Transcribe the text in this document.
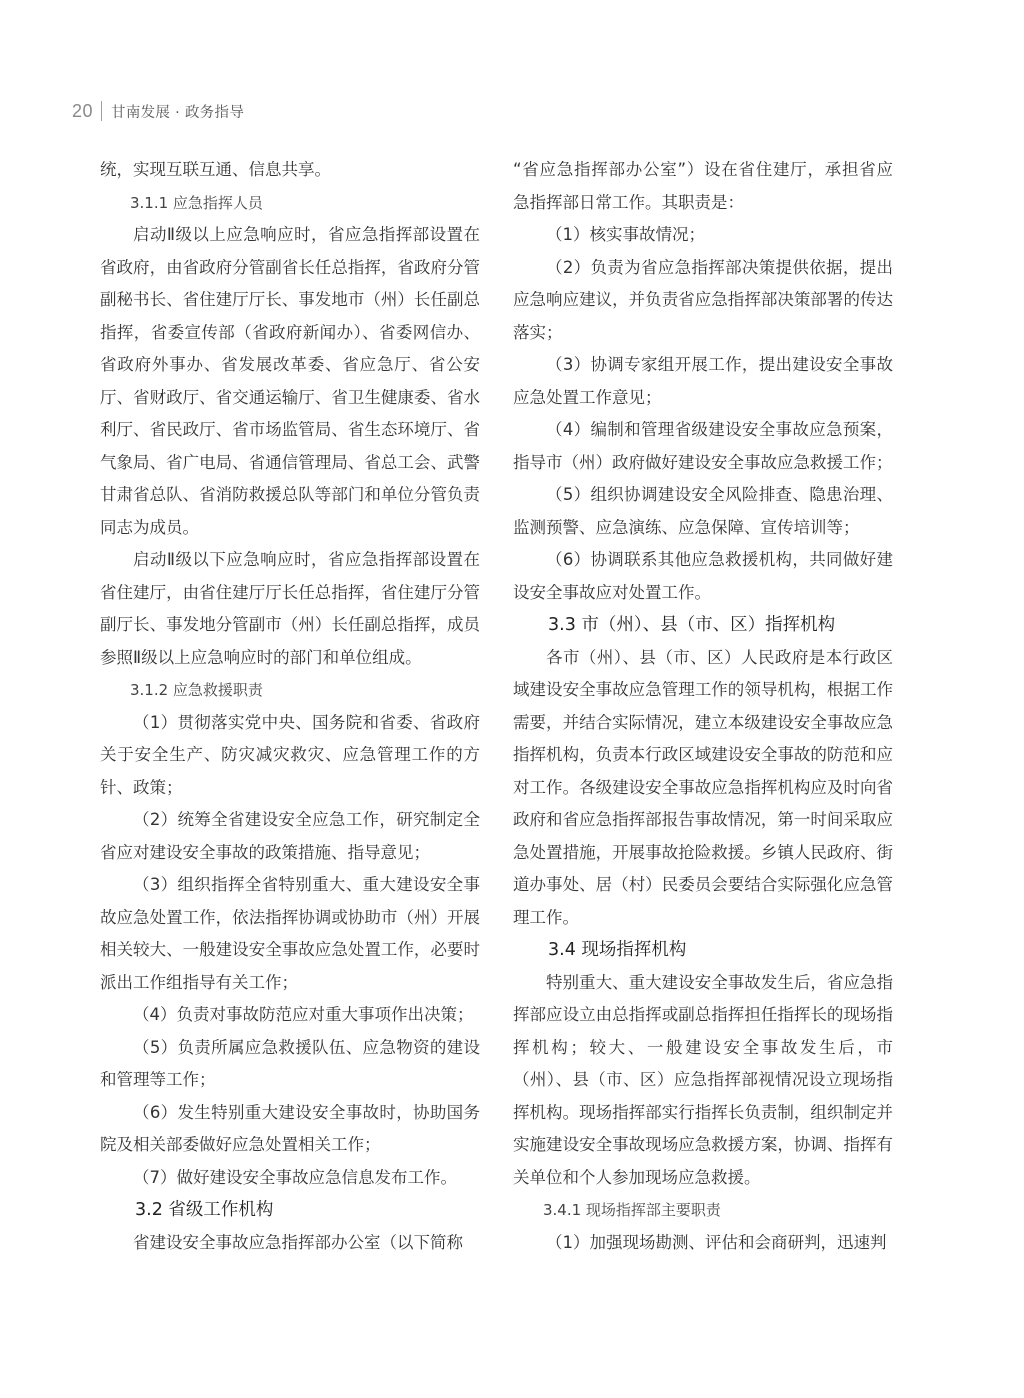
20 甘南发展 · 政务指导

统，实现互联互通、信息共享。

3.1.1 应急指挥人员

启动Ⅱ级以上应急响应时，省应急指挥部设置在省政府，由省政府分管副省长任总指挥，省政府分管副秘书长、省住建厅厅长、事发地市（州）长任副总指挥，省委宣传部（省政府新闻办）、省委网信办、省政府外事办、省发展改革委、省应急厅、省公安厅、省财政厅、省交通运输厅、省卫生健康委、省水利厅、省民政厅、省市场监管局、省生态环境厅、省气象局、省广电局、省通信管理局、省总工会、武警甘肃省总队、省消防救援总队等部门和单位分管负责同志为成员。

启动Ⅱ级以下应急响应时，省应急指挥部设置在省住建厅，由省住建厅厅长任总指挥，省住建厅分管副厅长、事发地分管副市（州）长任副总指挥，成员参照Ⅱ级以上应急响应时的部门和单位组成。

3.1.2 应急救援职责

（1）贯彻落实党中央、国务院和省委、省政府关于安全生产、防灾减灾救灾、应急管理工作的方针、政策；

（2）统筹全省建设安全应急工作，研究制定全省应对建设安全事故的政策措施、指导意见；

（3）组织指挥全省特别重大、重大建设安全事故应急处置工作，依法指挥协调或协助市（州）开展相关较大、一般建设安全事故应急处置工作，必要时派出工作组指导有关工作；

（4）负责对事故防范应对重大事项作出决策；

（5）负责所属应急救援队伍、应急物资的建设和管理等工作；

（6）发生特别重大建设安全事故时，协助国务院及相关部委做好应急处置相关工作；

（7）做好建设安全事故应急信息发布工作。

3.2 省级工作机构

省建设安全事故应急指挥部办公室（以下简称

“省应急指挥部办公室”）设在省住建厅，承担省应急指挥部日常工作。其职责是：

（1）核实事故情况；

（2）负责为省应急指挥部决策提供依据，提出应急响应建议，并负责省应急指挥部决策部署的传达落实；

（3）协调专家组开展工作，提出建设安全事故应急处置工作意见；

（4）编制和管理省级建设安全事故应急预案，指导市（州）政府做好建设安全事故应急救援工作；

（5）组织协调建设安全风险排查、隐患治理、监测预警、应急演练、应急保障、宣传培训等；

（6）协调联系其他应急救援机构，共同做好建设安全事故应对处置工作。

3.3 市（州）、县（市、区）指挥机构

各市（州）、县（市、区）人民政府是本行政区域建设安全事故应急管理工作的领导机构，根据工作需要，并结合实际情况，建立本级建设安全事故应急指挥机构，负责本行政区域建设安全事故的防范和应对工作。各级建设安全事故应急指挥机构应及时向省政府和省应急指挥部报告事故情况，第一时间采取应急处置措施，开展事故抢险救援。乡镇人民政府、街道办事处、居（村）民委员会要结合实际强化应急管理工作。

3.4 现场指挥机构

特别重大、重大建设安全事故发生后，省应急指挥部应设立由总指挥或副总指挥担任指挥长的现场指挥机构；较大、一般建设安全事故发生后，市（州）、县（市、区）应急指挥部视情况设立现场指挥机构。现场指挥部实行指挥长负责制，组织制定并实施建设安全事故现场应急救援方案，协调、指挥有关单位和个人参加现场应急救援。

3.4.1 现场指挥部主要职责

（1）加强现场勘测、评估和会商研判，迅速判
